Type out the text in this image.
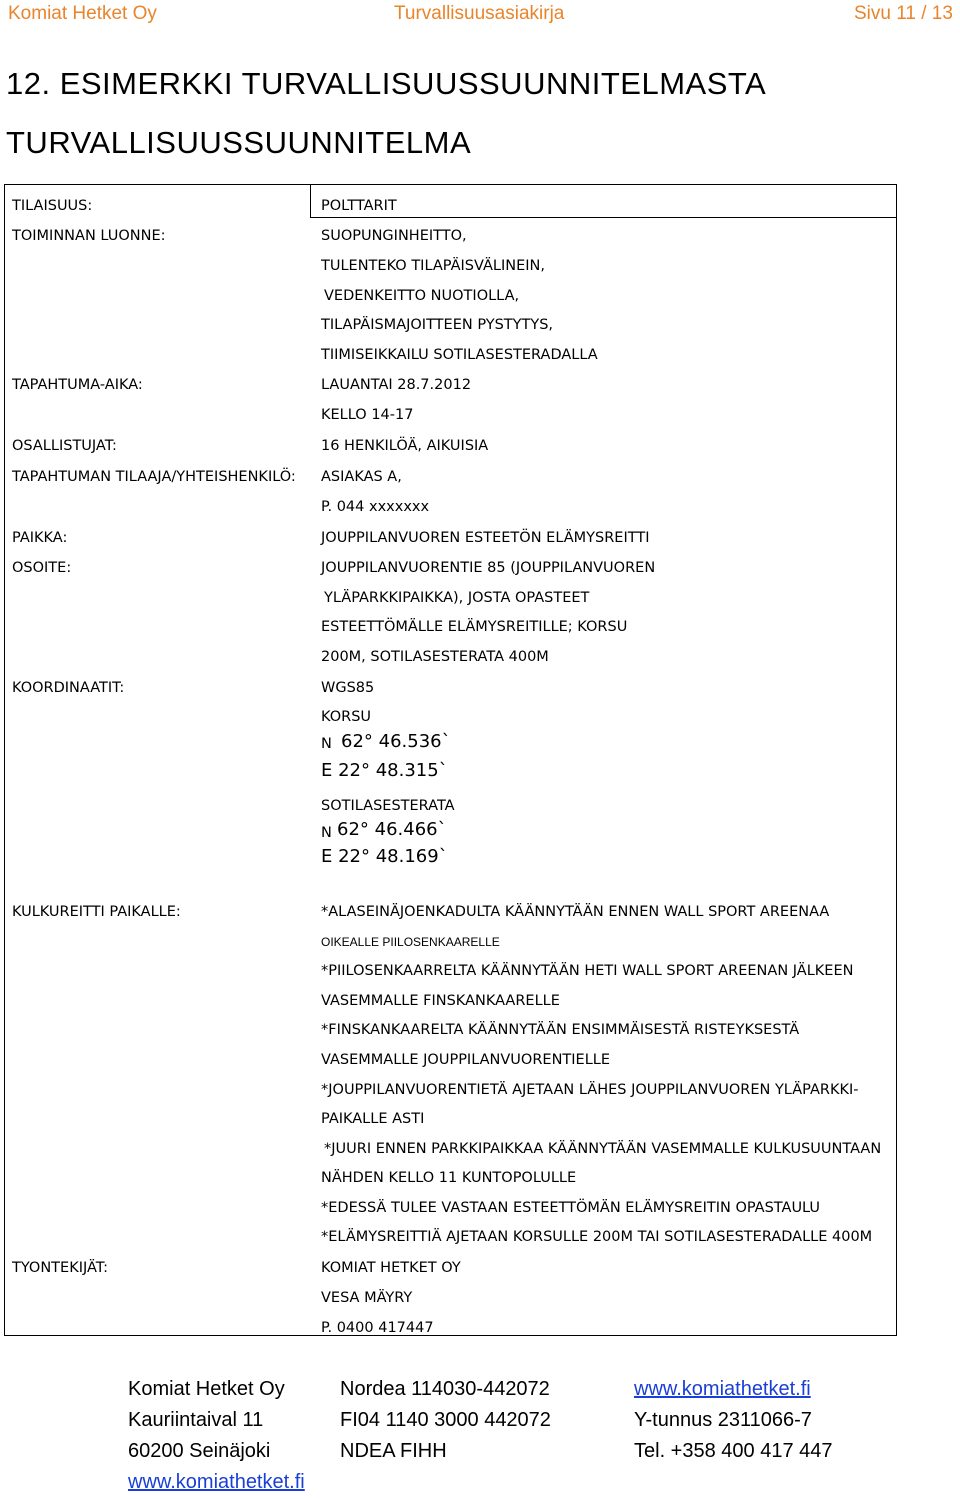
Komiat Hetket Oy	Turvallisuusasiakirja	Sivu 11 / 13
12. ESIMERKKI TURVALLISUUSSUUNNITELMASTA
TURVALLISUUSSUUNNITELMA
TILAISUUS:	POLTTARIT
TOIMINNAN LUONNE:	SUOPUNGINHEITTO,
TULENTEKO TILAPÄISVÄLINEIN,
VEDENKEITTO NUOTIOLLA,
TILAPÄISMAJOITTEEN PYSTYTYS,
TIIMISEIKKAILU SOTILASESTERADALLA
TAPAHTUMA-AIKA:	LAUANTAI 28.7.2012
KELLO 14-17
OSALLISTUJAT:	16 HENKILÖÄ, AIKUISIA
TAPAHTUMAN TILAAJA/YHTEISHENKILÖ: ASIAKAS A,
P. 044 xxxxxxx
PAIKKA:	JOUPPILANVUOREN ESTEETÖN ELÄMYSREITTI
OSOITE:	JOUPPILANVUORENTIE 85 (JOUPPILANVUOREN
YLÄPARKKIPAIKKA), JOSTA OPASTEET
ESTEETTÖMÄLLE ELÄMYSREITILLE; KORSU
200M, SOTILASESTERATA 400M
KOORDINAATIT:	WGS85
KORSU
N 62° 46.536`
E 22° 48.315`
SOTILASESTERATA
N 62° 46.466`
E 22° 48.169`
KULKUREITTI PAIKALLE:	*ALASEINÄJOENKADULTA KÄÄNNYTÄÄN ENNEN WALL SPORT AREENAA
OIKEALLE PIILOSENKAARELLE
*PIILOSENKAARRELTA KÄÄNNYTÄÄN HETI WALL SPORT AREENAN JÄLKEEN
VASEMMALLE FINSKANKAARELLE
*FINSKANKAARELTA KÄÄNNYTÄÄN ENSIMMÄISESTÄ RISTEYKSESTÄ
VASEMMALLE JOUPPILANVUORENTIELLE
*JOUPPILANVUORENTIETÄ AJETAAN LÄHES JOUPPILANVUOREN YLÄPARKKI-
PAIKALLE ASTI
*JUURI ENNEN PARKKIPAIKKAA KÄÄNNYTÄÄN VASEMMALLE KULKUSUUNTAAN
NÄHDEN KELLO 11 KUNTOPOLULLE
*EDESSÄ TULEE VASTAAN ESTEETTÖMÄN ELÄMYSREITIN OPASTAULU
*ELÄMYSREITTIÄ AJETAAN KORSULLE 200M TAI SOTILASESTERADALLE 400M
TYONTEKIJÄT:	KOMIAT HETKET OY
VESA MÄYRY
P. 0400 417447
Komiat Hetket Oy
Kauriintaival 11
60200 Seinäjoki
www.komiathetket.fi
Nordea 114030-442072
FI04 1140 3000 442072
NDEA FIHH
www.komiathetket.fi
Y-tunnus 2311066-7
Tel. +358 400 417 447
